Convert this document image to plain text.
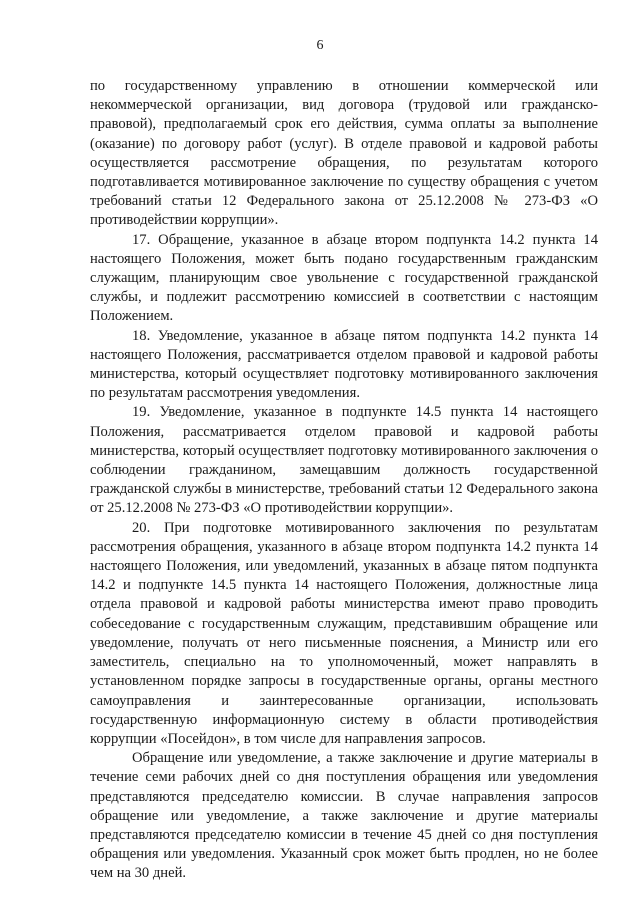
6

по государственному управлению в отношении коммерческой или некоммерческой организации, вид договора (трудовой или гражданско-правовой), предполагаемый срок его действия, сумма оплаты за выполнение (оказание) по договору работ (услуг). В отделе правовой и кадровой работы осуществляется рассмотрение обращения, по результатам которого подготавливается мотивированное заключение по существу обращения с учетом требований статьи 12 Федерального закона от 25.12.2008 № 273-ФЗ «О противодействии коррупции».

17. Обращение, указанное в абзаце втором подпункта 14.2 пункта 14 настоящего Положения, может быть подано государственным гражданским служащим, планирующим свое увольнение с государственной гражданской службы, и подлежит рассмотрению комиссией в соответствии с настоящим Положением.

18. Уведомление, указанное в абзаце пятом подпункта 14.2 пункта 14 настоящего Положения, рассматривается отделом правовой и кадровой работы министерства, который осуществляет подготовку мотивированного заключения по результатам рассмотрения уведомления.

19. Уведомление, указанное в подпункте 14.5 пункта 14 настоящего Положения, рассматривается отделом правовой и кадровой работы министерства, который осуществляет подготовку мотивированного заключения о соблюдении гражданином, замещавшим должность государственной гражданской службы в министерстве, требований статьи 12 Федерального закона от 25.12.2008 № 273-ФЗ «О противодействии коррупции».

20. При подготовке мотивированного заключения по результатам рассмотрения обращения, указанного в абзаце втором подпункта 14.2 пункта 14 настоящего Положения, или уведомлений, указанных в абзаце пятом подпункта 14.2 и подпункте 14.5 пункта 14 настоящего Положения, должностные лица отдела правовой и кадровой работы министерства имеют право проводить собеседование с государственным служащим, представившим обращение или уведомление, получать от него письменные пояснения, а Министр или его заместитель, специально на то уполномоченный, может направлять в установленном порядке запросы в государственные органы, органы местного самоуправления и заинтересованные организации, использовать государственную информационную систему в области противодействия коррупции «Посейдон», в том числе для направления запросов.

Обращение или уведомление, а также заключение и другие материалы в течение семи рабочих дней со дня поступления обращения или уведомления представляются председателю комиссии. В случае направления запросов обращение или уведомление, а также заключение и другие материалы представляются председателю комиссии в течение 45 дней со дня поступления обращения или уведомления. Указанный срок может быть продлен, но не более чем на 30 дней.
